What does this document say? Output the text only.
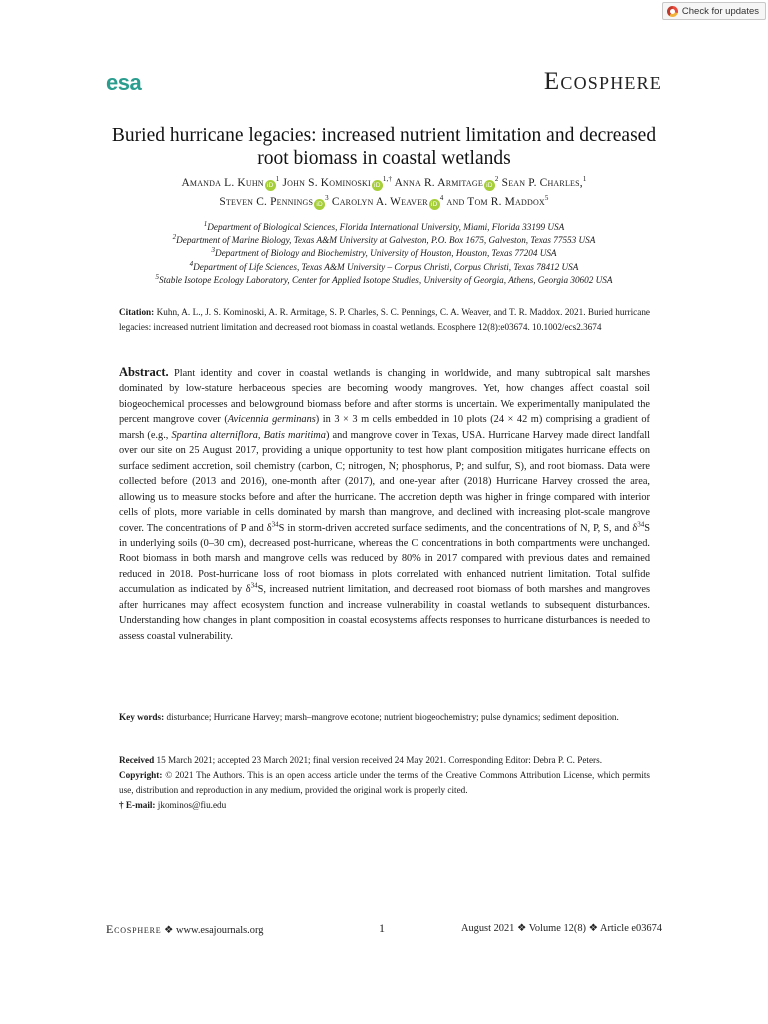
Check for updates
esa	Ecosphere
Buried hurricane legacies: increased nutrient limitation and decreased root biomass in coastal wetlands
Amanda L. Kuhn $iD^1$ John S. Kominoski $iD^{1,\dagger}$ Anna R. Armitage $iD^2$ Sean P. Charles,$^1$
Steven C. Pennings $iD^3$ Carolyn A. Weaver $iD^4$ and Tom R. Maddox$^5$
$^1$Department of Biological Sciences, Florida International University, Miami, Florida 33199 USA
$^2$Department of Marine Biology, Texas A&M University at Galveston, P.O. Box 1675, Galveston, Texas 77553 USA
$^3$Department of Biology and Biochemistry, University of Houston, Houston, Texas 77204 USA
$^4$Department of Life Sciences, Texas A&M University – Corpus Christi, Corpus Christi, Texas 78412 USA
$^5$Stable Isotope Ecology Laboratory, Center for Applied Isotope Studies, University of Georgia, Athens, Georgia 30602 USA
Citation: Kuhn, A. L., J. S. Kominoski, A. R. Armitage, S. P. Charles, S. C. Pennings, C. A. Weaver, and T. R. Maddox. 2021. Buried hurricane legacies: increased nutrient limitation and decreased root biomass in coastal wetlands. Ecosphere 12(8):e03674. 10.1002/ecs2.3674
Abstract. Plant identity and cover in coastal wetlands is changing in worldwide, and many subtropical salt marshes dominated by low-stature herbaceous species are becoming woody mangroves. Yet, how changes affect coastal soil biogeochemical processes and belowground biomass before and after storms is uncertain. We experimentally manipulated the percent mangrove cover (Avicennia germinans) in 3 × 3 m cells embedded in 10 plots (24 × 42 m) comprising a gradient of marsh (e.g., Spartina alterniflora, Batis maritima) and mangrove cover in Texas, USA. Hurricane Harvey made direct landfall over our site on 25 August 2017, providing a unique opportunity to test how plant composition mitigates hurricane effects on surface sediment accretion, soil chemistry (carbon, C; nitrogen, N; phosphorus, P; and sulfur, S), and root biomass. Data were collected before (2013 and 2016), one-month after (2017), and one-year after (2018) Hurricane Harvey crossed the area, allowing us to measure stocks before and after the hurricane. The accretion depth was higher in fringe compared with interior cells of plots, more variable in cells dominated by marsh than mangrove, and declined with increasing plot-scale mangrove cover. The concentrations of P and $\delta^{34}S$ in storm-driven accreted surface sediments, and the concentrations of N, P, S, and $\delta^{34}S$ in underlying soils (0–30 cm), decreased post-hurricane, whereas the C concentrations in both compartments were unchanged. Root biomass in both marsh and mangrove cells was reduced by 80% in 2017 compared with previous dates and remained reduced in 2018. Post-hurricane loss of root biomass in plots correlated with enhanced nutrient limitation. Total sulfide accumulation as indicated by $\delta^{34}S$, increased nutrient limitation, and decreased root biomass of both marshes and mangroves after hurricanes may affect ecosystem function and increase vulnerability in coastal wetlands to subsequent disturbances. Understanding how changes in plant composition in coastal ecosystems affects responses to hurricane disturbances is needed to assess coastal vulnerability.
Key words: disturbance; Hurricane Harvey; marsh–mangrove ecotone; nutrient biogeochemistry; pulse dynamics; sediment deposition.
Received 15 March 2021; accepted 23 March 2021; final version received 24 May 2021. Corresponding Editor: Debra P. C. Peters.
Copyright: © 2021 The Authors. This is an open access article under the terms of the Creative Commons Attribution License, which permits use, distribution and reproduction in any medium, provided the original work is properly cited.
† E-mail: jkominos@fiu.edu
Ecosphere ❖ www.esajournals.org	1	August 2021 ❖ Volume 12(8) ❖ Article e03674
